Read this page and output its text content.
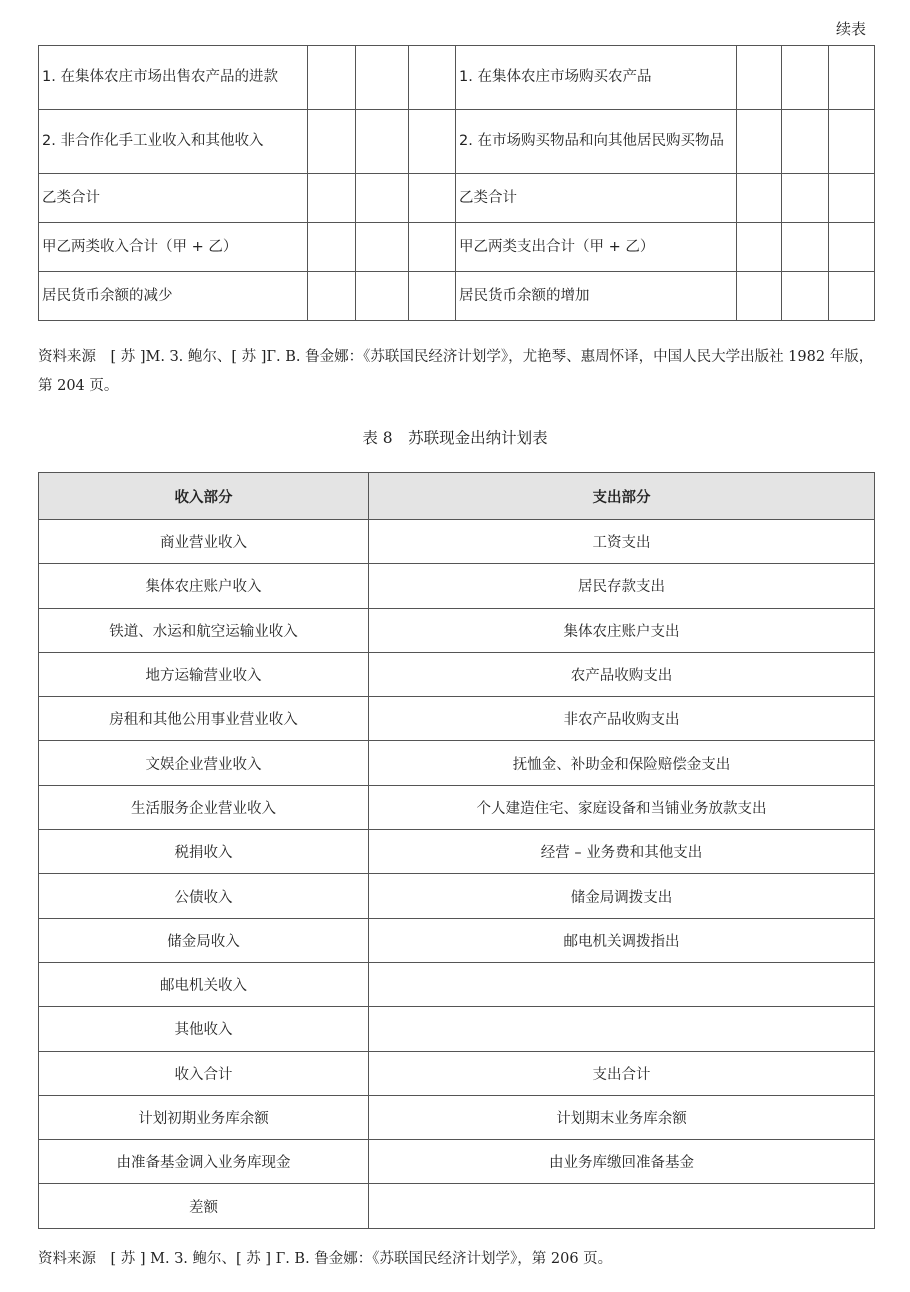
续表
1. 在集体农庄市场出售农产品的进款				1. 在集体农庄市场购买农产品			
2. 非合作化手工业收入和其他收入				2. 在市场购买物品和向其他居民购买物品			
乙类合计				乙类合计			
甲乙两类收入合计（甲 + 乙）				甲乙两类支出合计（甲 + 乙）			
居民货币余额的减少				居民货币余额的增加			
资料来源　[ 苏 ]M. З. 鲍尔、[ 苏 ]Г. В. 鲁金娜：《苏联国民经济计划学》，尤艳琴、惠周怀译，中国人民大学出版社 1982 年版，第 204 页。
表 8　苏联现金出纳计划表
收入部分	支出部分
商业营业收入	工资支出
集体农庄账户收入	居民存款支出
铁道、水运和航空运输业收入	集体农庄账户支出
地方运输营业收入	农产品收购支出
房租和其他公用事业营业收入	非农产品收购支出
文娱企业营业收入	抚恤金、补助金和保险赔偿金支出
生活服务企业营业收入	个人建造住宅、家庭设备和当铺业务放款支出
税捐收入	经营 – 业务费和其他支出
公债收入	储金局调拨支出
储金局收入	邮电机关调拨指出
邮电机关收入	
其他收入	
收入合计	支出合计
计划初期业务库余额	计划期末业务库余额
由准备基金调入业务库现金	由业务库缴回准备基金
差额	
资料来源　[ 苏 ] M. З. 鲍尔、[ 苏 ] Г. В. 鲁金娜：《苏联国民经济计划学》，第 206 页。
